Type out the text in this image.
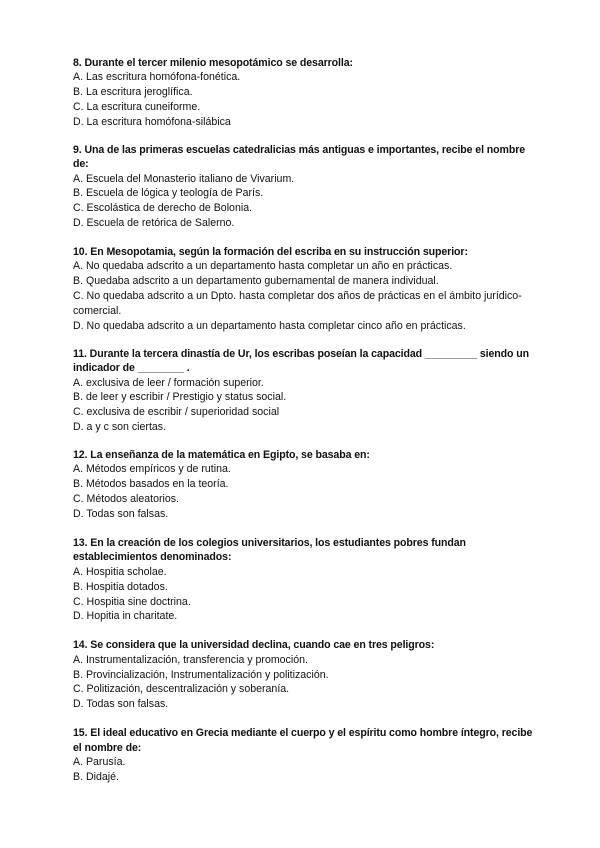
8. Durante el tercer milenio mesopotámico se desarrolla:

A. Las escritura homófona-fonética.

B. La escritura jeroglífica.

C. La escritura cuneiforme.

D. La escritura homófona-silábica

9. Una de las primeras escuelas catedralicias más antiguas e importantes, recibe el nombre de:

A. Escuela del Monasterio italiano de Vivarium.

B. Escuela de lógica y teología de París.

C. Escolástica de derecho de Bolonia.

D. Escuela de retórica de Salerno.

10. En Mesopotamia, según la formación del escriba en su instrucción superior:

A. No quedaba adscrito a un departamento hasta completar un año en prácticas.

B. Quedaba adscrito a un departamento gubernamental de manera individual.

C. No quedaba adscrito a un Dpto. hasta completar dos años de prácticas en el ámbito jurídico-comercial.

D. No quedaba adscrito a un departamento hasta completar cinco año en prácticas.

11. Durante la tercera dinastía de Ur, los escribas poseían la capacidad _________ siendo un indicador de ________ .

A. exclusiva de leer / formación superior.

B. de leer y escribir / Prestigio y status social.

C. exclusiva de escribir / superioridad social

D. a y c son ciertas.

12. La enseñanza de la matemática en Egipto, se basaba en:

A. Métodos empíricos y de rutina.

B. Métodos basados en la teoría.

C. Métodos aleatorios.

D. Todas son falsas.

13. En la creación de los colegios universitarios, los estudiantes pobres fundan establecimientos denominados:

A. Hospitia scholae.

B. Hospitia dotados.

C. Hospitia sine doctrina.

D. Hopitia in charitate.

14. Se considera que la universidad declina, cuando cae en tres peligros:

A. Instrumentalización, transferencia y promoción.

B. Provincialización, Instrumentalización y politización.

C. Politización, descentralización y soberanía.

D. Todas son falsas.

15. El ideal educativo en Grecia mediante el cuerpo y el espíritu como hombre íntegro, recibe el nombre de:

A. Parusía.

B. Didajé.
